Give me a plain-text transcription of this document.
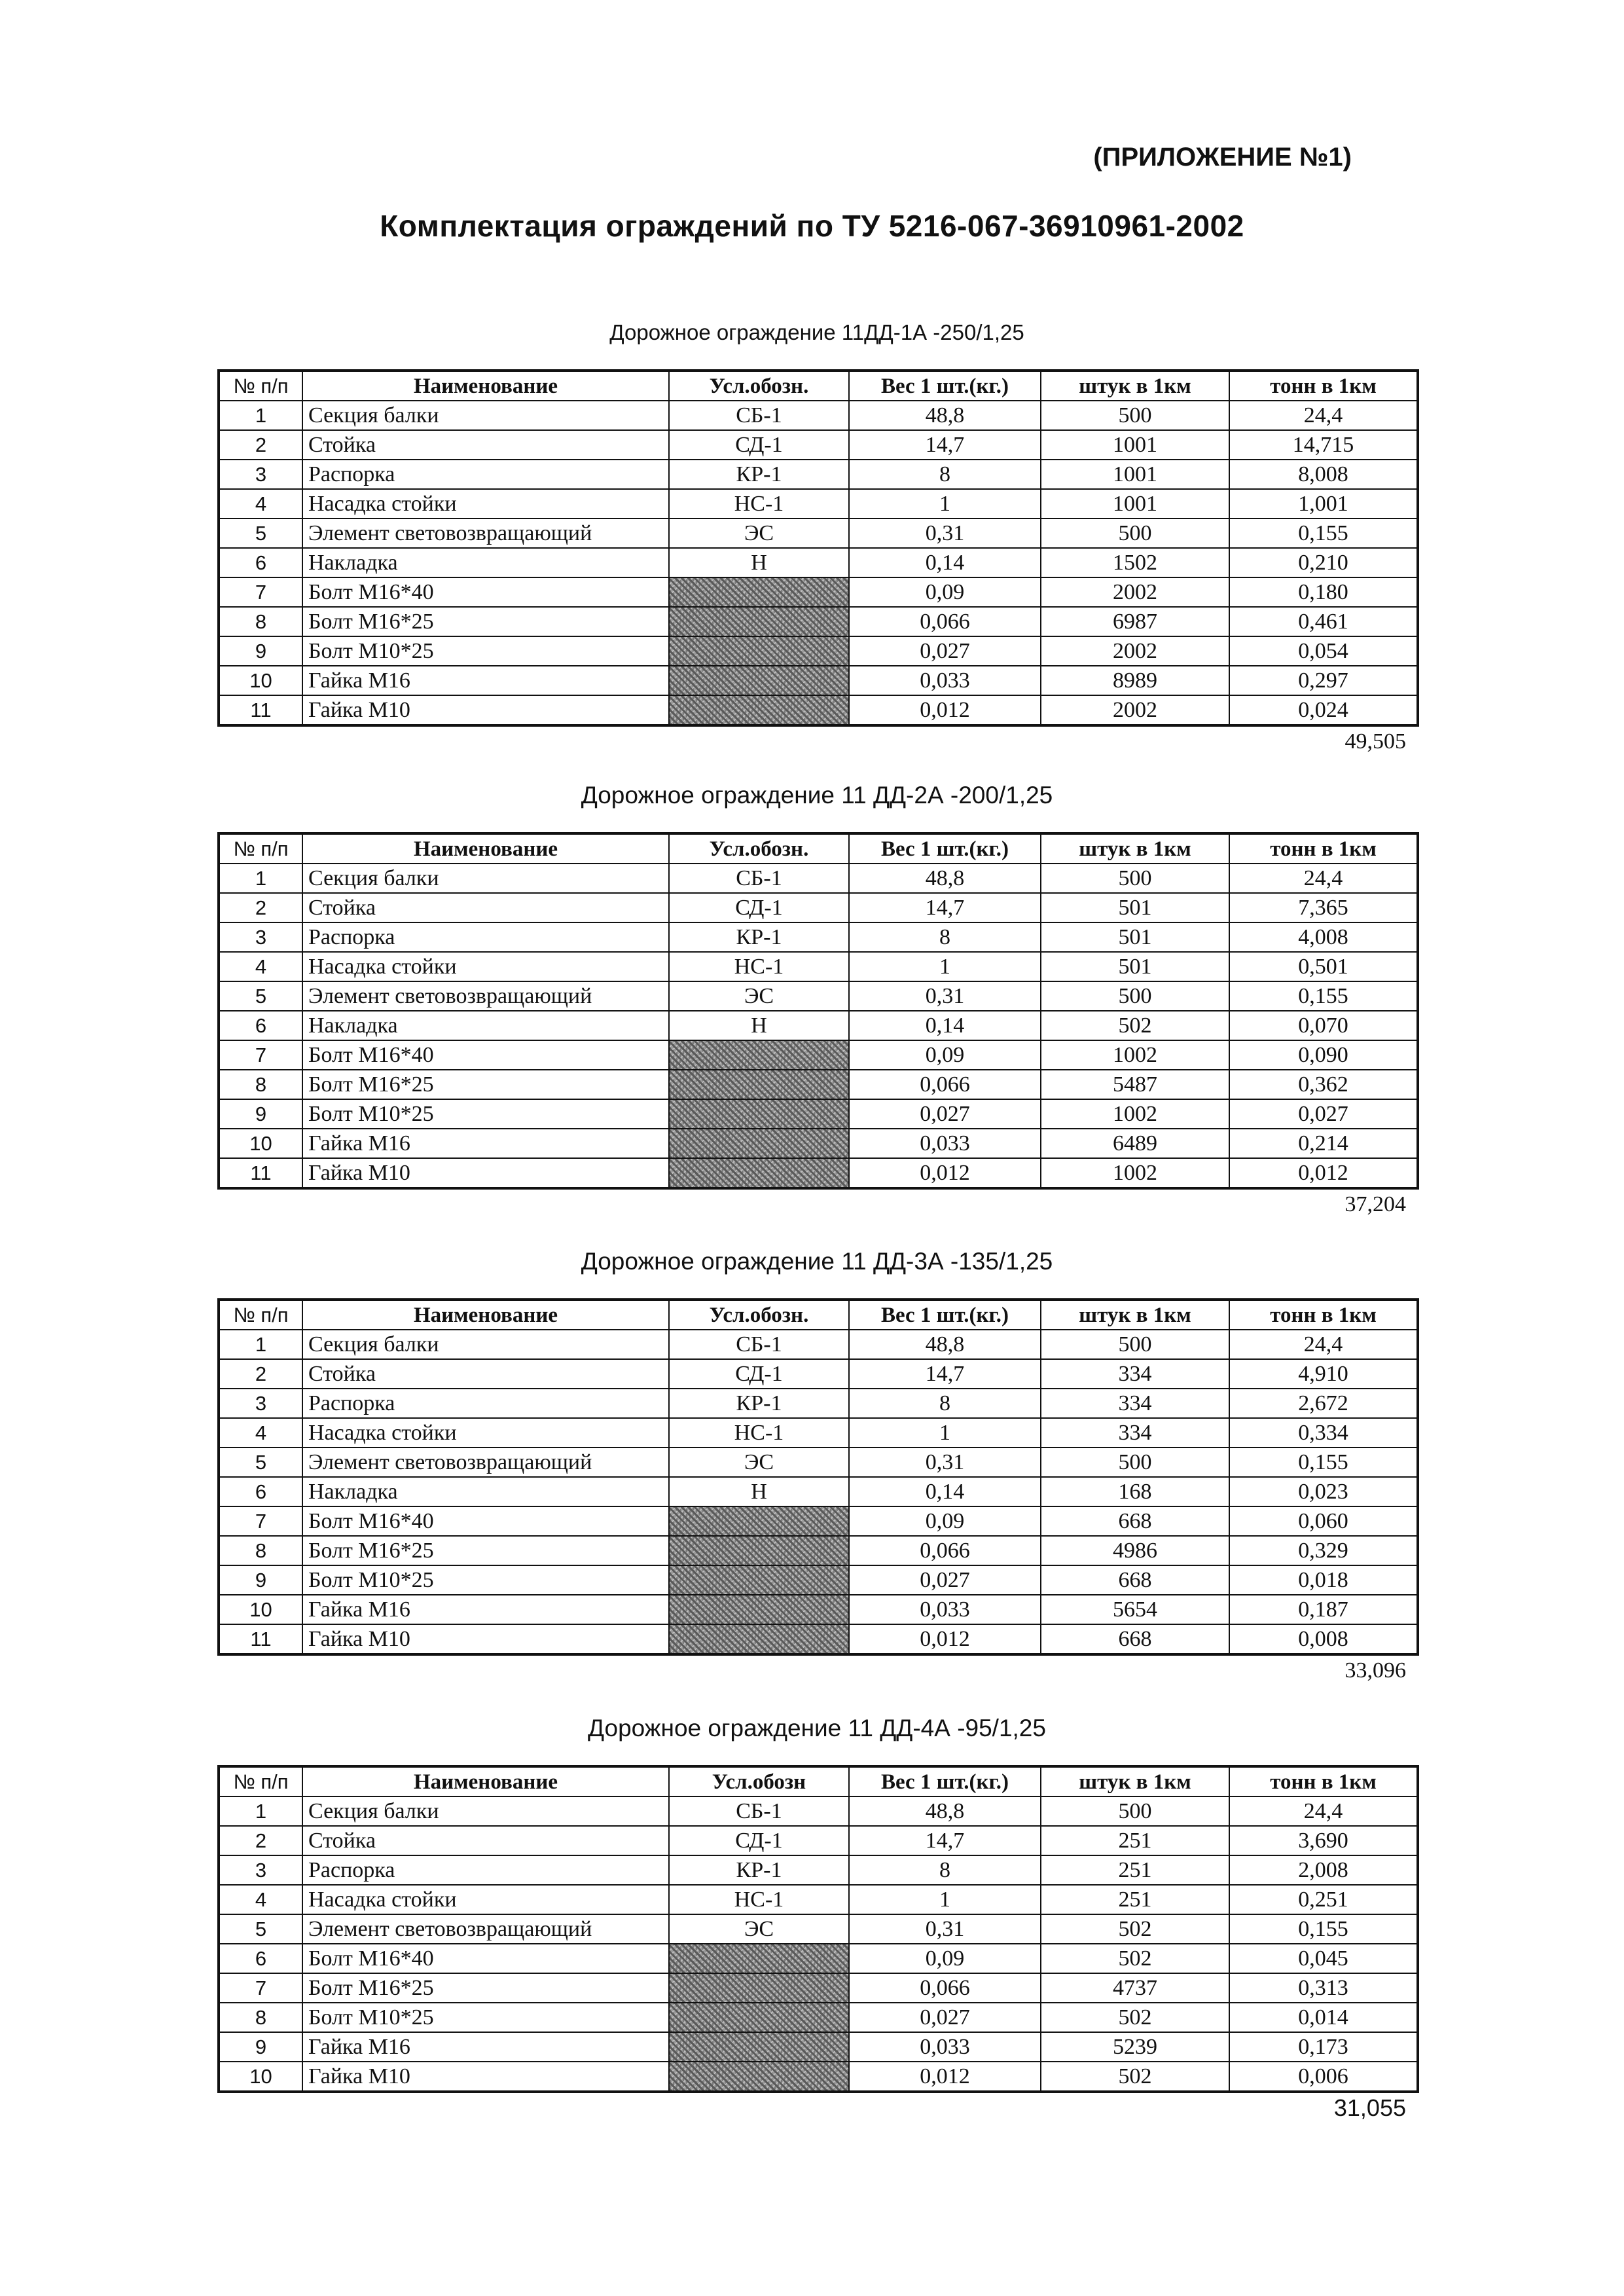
(ПРИЛОЖЕНИЕ №1)
Комплектация ограждений по ТУ 5216-067-36910961-2002
Дорожное ограждение 11ДД-1А -250/1,25
№ п/п	Наименование	Усл.обозн.	Вес 1 шт.(кг.)	штук в 1км	тонн в 1км
1	Секция балки	СБ-1	48,8	500	24,4
2	Стойка	СД-1	14,7	1001	14,715
3	Распорка	КР-1	8	1001	8,008
4	Насадка стойки	НС-1	1	1001	1,001
5	Элемент световозвращающий	ЭС	0,31	500	0,155
6	Накладка	Н	0,14	1502	0,210
7	Болт М16*40		0,09	2002	0,180
8	Болт М16*25		0,066	6987	0,461
9	Болт М10*25		0,027	2002	0,054
10	Гайка М16		0,033	8989	0,297
11	Гайка М10		0,012	2002	0,024
49,505
Дорожное ограждение 11 ДД-2А -200/1,25
№ п/п	Наименование	Усл.обозн.	Вес 1 шт.(кг.)	штук в 1км	тонн в 1км
1	Секция балки	СБ-1	48,8	500	24,4
2	Стойка	СД-1	14,7	501	7,365
3	Распорка	КР-1	8	501	4,008
4	Насадка стойки	НС-1	1	501	0,501
5	Элемент световозвращающий	ЭС	0,31	500	0,155
6	Накладка	Н	0,14	502	0,070
7	Болт М16*40		0,09	1002	0,090
8	Болт М16*25		0,066	5487	0,362
9	Болт М10*25		0,027	1002	0,027
10	Гайка М16		0,033	6489	0,214
11	Гайка М10		0,012	1002	0,012
37,204
Дорожное ограждение 11 ДД-3А -135/1,25
№ п/п	Наименование	Усл.обозн.	Вес 1 шт.(кг.)	штук в 1км	тонн в 1км
1	Секция балки	СБ-1	48,8	500	24,4
2	Стойка	СД-1	14,7	334	4,910
3	Распорка	КР-1	8	334	2,672
4	Насадка стойки	НС-1	1	334	0,334
5	Элемент световозвращающий	ЭС	0,31	500	0,155
6	Накладка	Н	0,14	168	0,023
7	Болт М16*40		0,09	668	0,060
8	Болт М16*25		0,066	4986	0,329
9	Болт М10*25		0,027	668	0,018
10	Гайка М16		0,033	5654	0,187
11	Гайка М10		0,012	668	0,008
33,096
Дорожное ограждение 11 ДД-4А -95/1,25
№ п/п	Наименование	Усл.обозн	Вес 1 шт.(кг.)	штук в 1км	тонн в 1км
1	Секция балки	СБ-1	48,8	500	24,4
2	Стойка	СД-1	14,7	251	3,690
3	Распорка	КР-1	8	251	2,008
4	Насадка стойки	НС-1	1	251	0,251
5	Элемент световозвращающий	ЭС	0,31	502	0,155
6	Болт М16*40		0,09	502	0,045
7	Болт М16*25		0,066	4737	0,313
8	Болт М10*25		0,027	502	0,014
9	Гайка М16		0,033	5239	0,173
10	Гайка М10		0,012	502	0,006
31,055
